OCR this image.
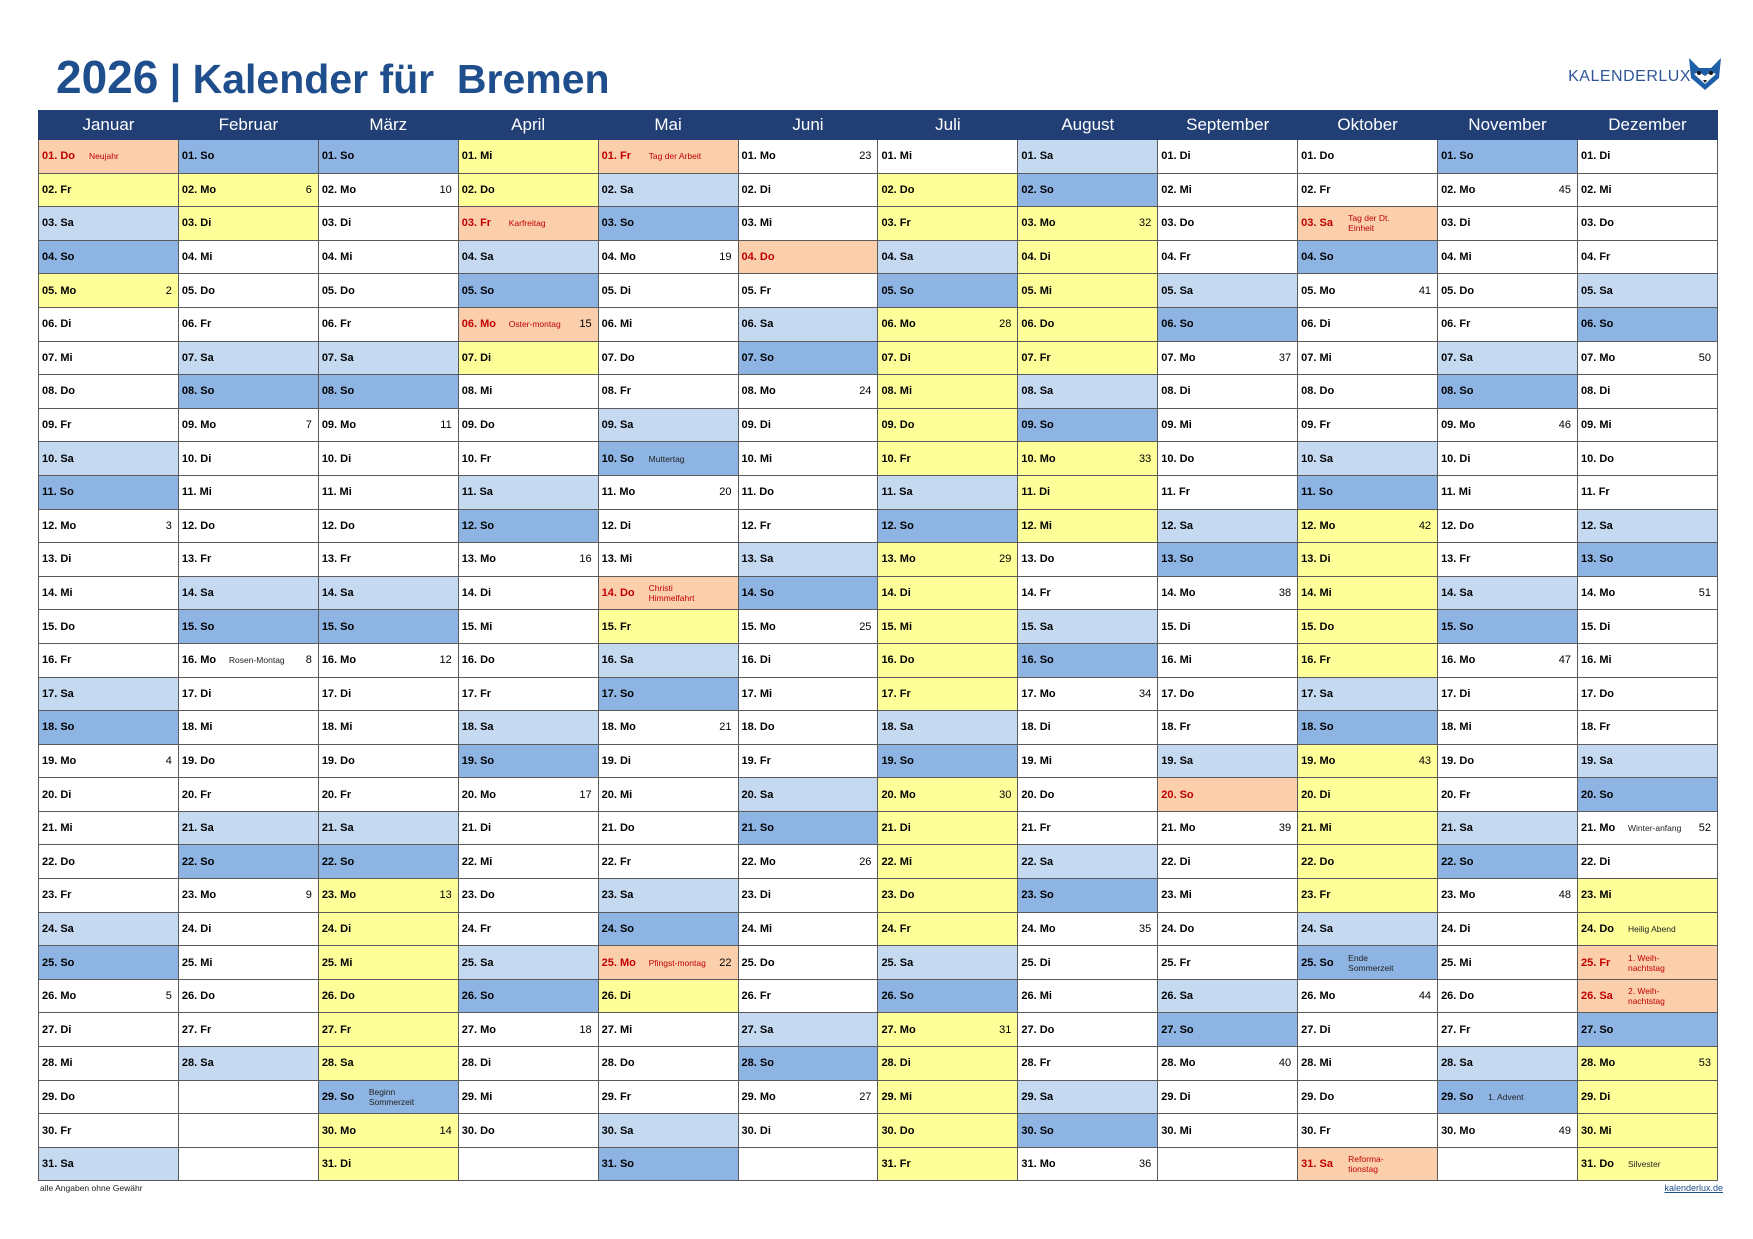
2026 | Kalender für  Bremen	KALENDERLUX
Januar	Februar	März	April	Mai	Juni	Juli	August	September	Oktober	November	Dezember
01. Do Neujahr	01. So	01. So	01. Mi	01. Fr Tag der Arbeit	01. Mo 23	01. Mi	01. Sa	01. Di	01. Do	01. So	01. Di
02. Fr	02. Mo 6	02. Mo 10	02. Do	02. Sa	02. Di	02. Do	02. So	02. Mi	02. Fr	02. Mo 45	02. Mi
03. Sa	03. Di	03. Di	03. Fr Karfreitag	03. So	03. Mi	03. Fr	03. Mo 32	03. Do	03. Sa Tag der Dt. Einheit	03. Di	03. Do
04. So	04. Mi	04. Mi	04. Sa	04. Mo 19	04. Do	04. Sa	04. Di	04. Fr	04. So	04. Mi	04. Fr
05. Mo 2	05. Do	05. Do	05. So	05. Di	05. Fr	05. So	05. Mi	05. Sa	05. Mo 41	05. Do	05. Sa
06. Di	06. Fr	06. Fr	06. Mo Oster-montag 15	06. Mi	06. Sa	06. Mo 28	06. Do	06. So	06. Di	06. Fr	06. So
07. Mi	07. Sa	07. Sa	07. Di	07. Do	07. So	07. Di	07. Fr	07. Mo 37	07. Mi	07. Sa	07. Mo 50

08. Do	08. So	08. So	08. Mi	08. Fr	08. Mo 24	08. Mi	08. Sa	08. Di	08. Do	08. So	08. Di
09. Fr	09. Mo 7	09. Mo 11	09. Do	09. Sa	09. Di	09. Do	09. So	09. Mi	09. Fr	09. Mo 46	09. Mi
10. Sa	10. Di	10. Di	10. Fr	10. So Muttertag	10. Mi	10. Fr	10. Mo 33	10. Do	10. Sa	10. Di	10. Do
11. So	11. Mi	11. Mi	11. Sa	11. Mo 20	11. Do	11. Sa	11. Di	11. Fr	11. So	11. Mi	11. Fr
12. Mo 3	12. Do	12. Do	12. So	12. Di	12. Fr	12. So	12. Mi	12. Sa	12. Mo 42	12. Do	12. Sa
13. Di	13. Fr	13. Fr	13. Mo 16	13. Mi	13. Sa	13. Mo 29	13. Do	13. So	13. Di	13. Fr	13. So
14. Mi	14. Sa	14. Sa	14. Di	14. Do Christi Himmelfahrt	14. So	14. Di	14. Fr	14. Mo 38	14. Mi	14. Sa	14. Mo 51

15. Do	15. So	15. So	15. Mi	15. Fr	15. Mo 25	15. Mi	15. Sa	15. Di	15. Do	15. So	15. Di
16. Fr	16. Mo Rosen-Montag 8	16. Mo 12	16. Do	16. Sa	16. Di	16. Do	16. So	16. Mi	16. Fr	16. Mo 47	16. Mi
17. Sa	17. Di	17. Di	17. Fr	17. So	17. Mi	17. Fr	17. Mo 34	17. Do	17. Sa	17. Di	17. Do
18. So	18. Mi	18. Mi	18. Sa	18. Mo 21	18. Do	18. Sa	18. Di	18. Fr	18. So	18. Mi	18. Fr
19. Mo 4	19. Do	19. Do	19. So	19. Di	19. Fr	19. So	19. Mi	19. Sa	19. Mo 43	19. Do	19. Sa
20. Di	20. Fr	20. Fr	20. Mo 17	20. Mi	20. Sa	20. Mo 30	20. Do	20. So	20. Di	20. Fr	20. So
21. Mi	21. Sa	21. Sa	21. Di	21. Do	21. So	21. Di	21. Fr	21. Mo 39	21. Mi	21. Sa	21. Mo Winter-anfang 52

22. Do	22. So	22. So	22. Mi	22. Fr	22. Mo 26	22. Mi	22. Sa	22. Di	22. Do	22. So	22. Di
23. Fr	23. Mo 9	23. Mo 13	23. Do	23. Sa	23. Di	23. Do	23. So	23. Mi	23. Fr	23. Mo 48	23. Mi
24. Sa	24. Di	24. Di	24. Fr	24. So	24. Mi	24. Fr	24. Mo 35	24. Do	24. Sa	24. Di	24. Do Heilig Abend

25. So	25. Mi	25. Mi	25. Sa	25. Mo Pfingst-montag 22	25. Do	25. Sa	25. Di	25. Fr	25. So Ende Sommerzeit	25. Mi	25. Fr 1. Weih-nachtstag

26. Mo 5	26. Do	26. Do	26. So	26. Di	26. Fr	26. So	26. Mi	26. Sa	26. Mo 44	26. Do	26. Sa 2. Weih-nachtstag

27. Di	27. Fr	27. Fr	27. Mo 18	27. Mi	27. Sa	27. Mo 31	27. Do	27. So	27. Di	27. Fr	27. So
28. Mi	28. Sa	28. Sa	28. Di	28. Do	28. So	28. Di	28. Fr	28. Mo 40	28. Mi	28. Sa	28. Mo 53

29. Do		29. So Beginn Sommerzeit	29. Mi	29. Fr	29. Mo 27	29. Mi	29. Sa	29. Di	29. Do	29. So 1. Advent	29. Di
30. Fr		30. Mo 14	30. Do	30. Sa	30. Di	30. Do	30. So	30. Mi	30. Fr	30. Mo 49	30. Mi
31. Sa		31. Di		31. So		31. Fr	31. Mo 36		31. Sa Reforma-tionstag		31. Do Silvester
alle Angaben ohne Gewähr	kalenderlux.de
